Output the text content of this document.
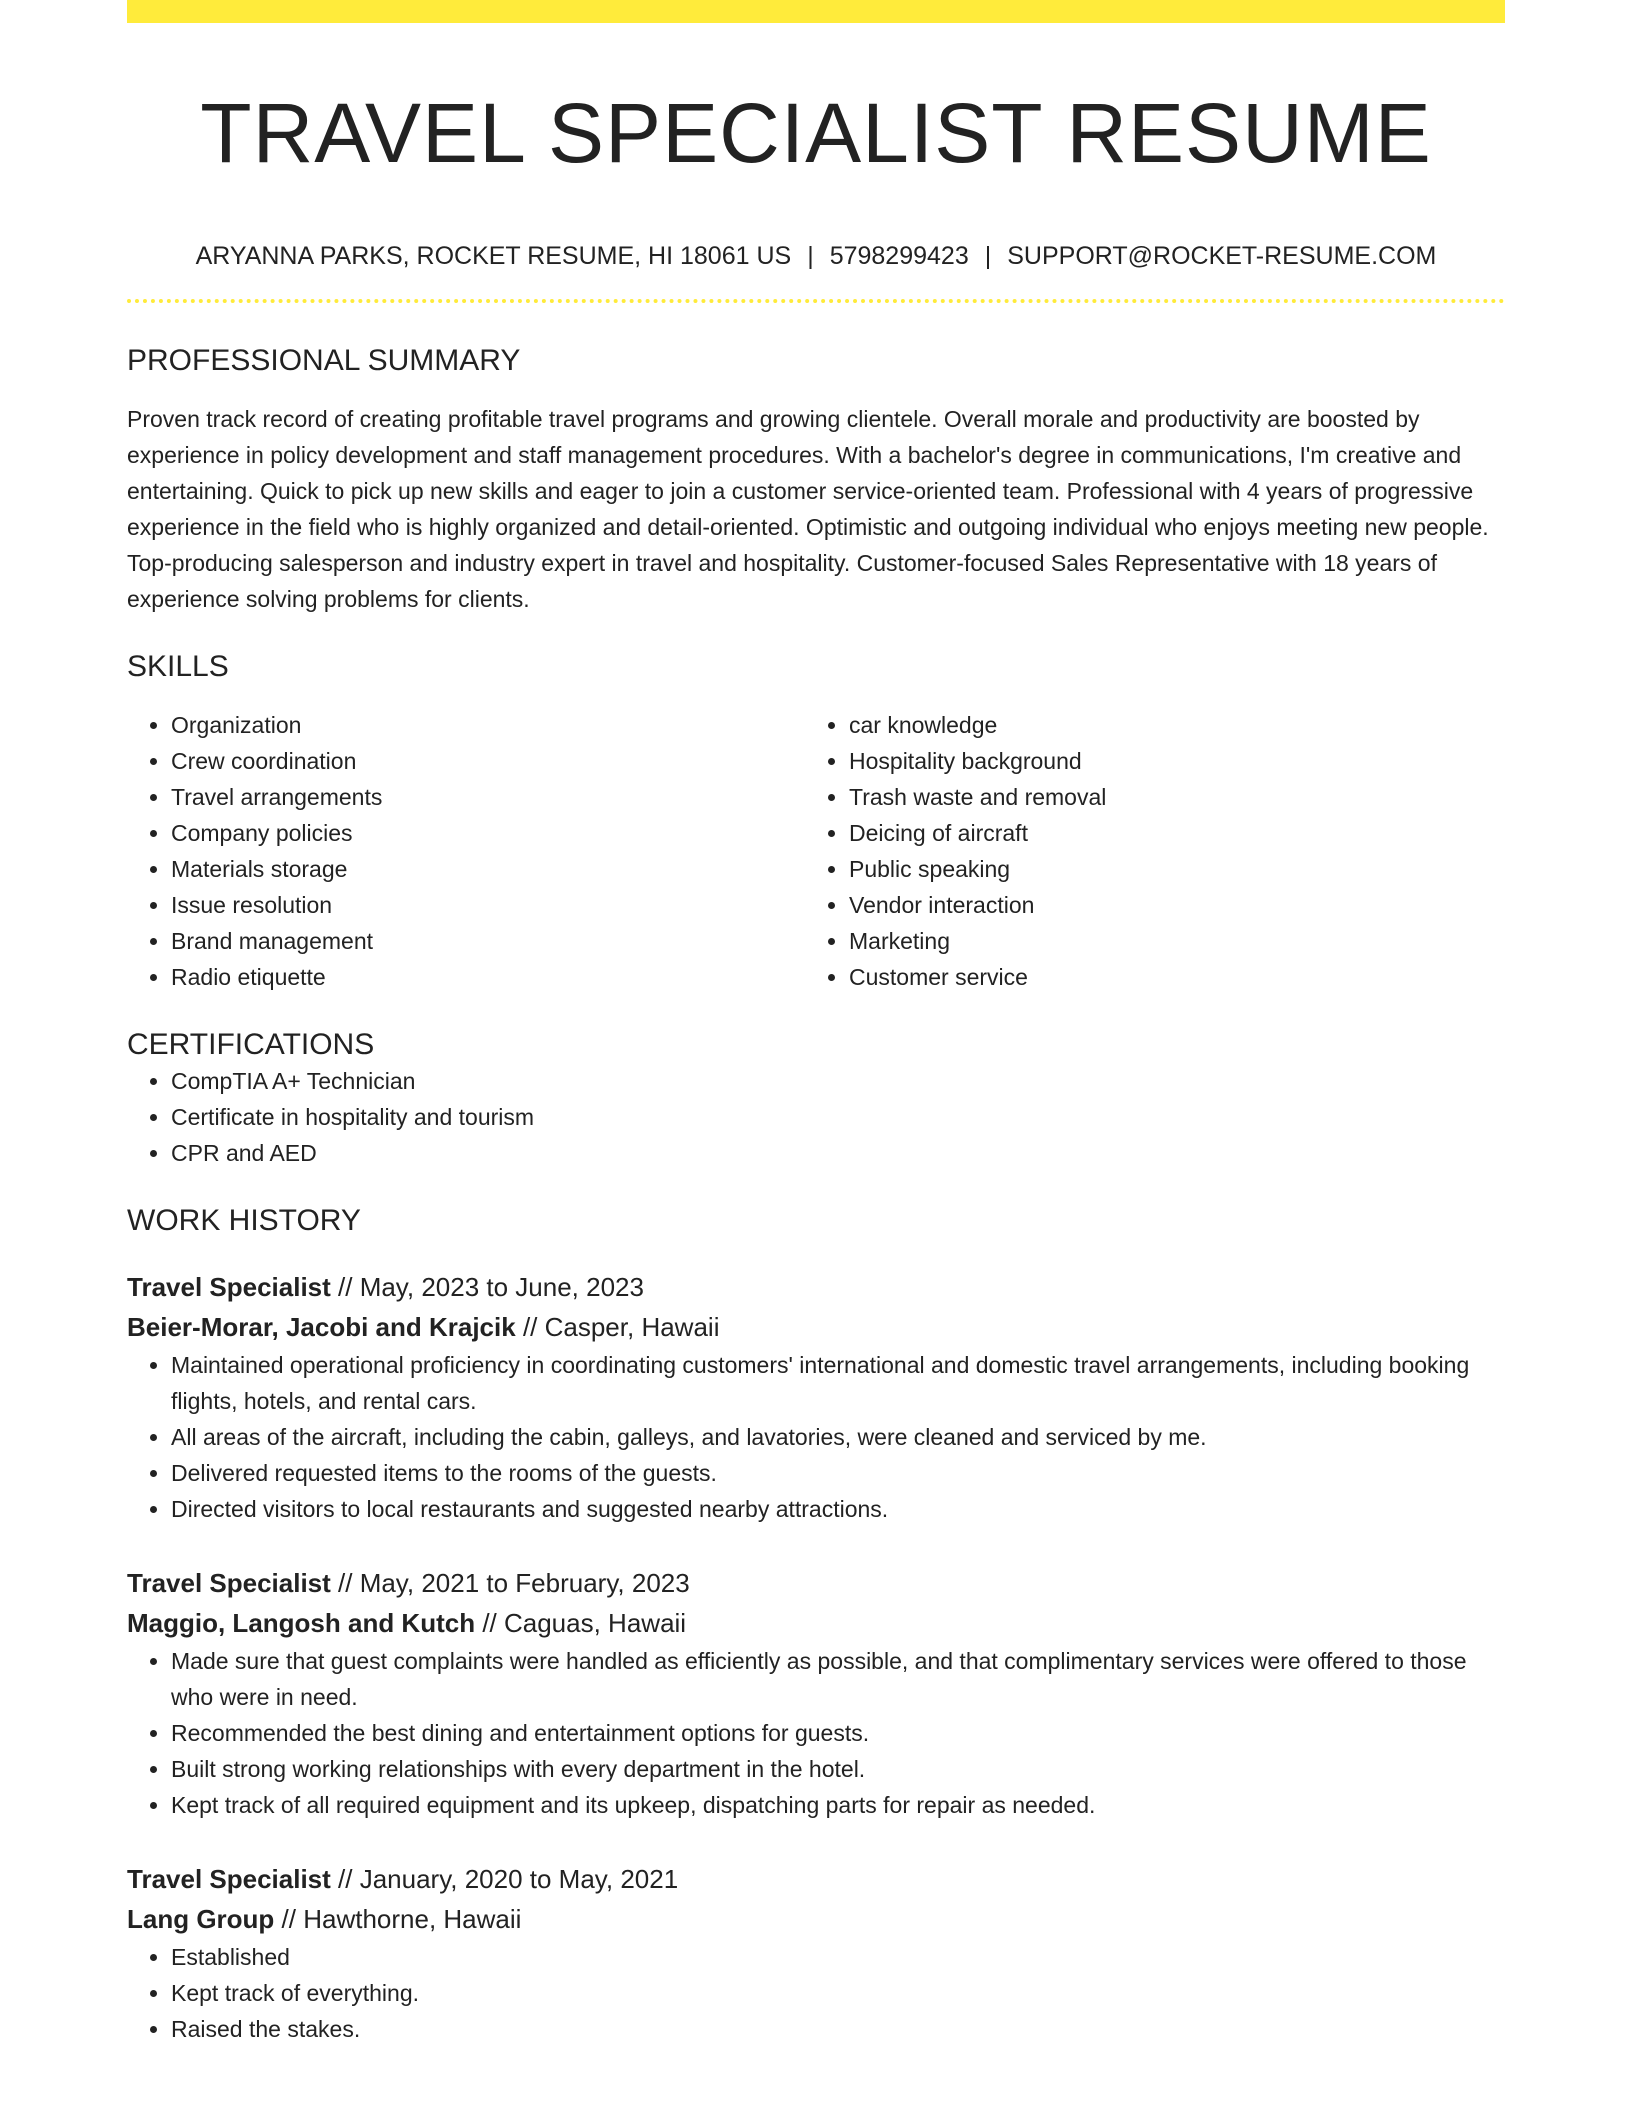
TRAVEL SPECIALIST RESUME
ARYANNA PARKS, ROCKET RESUME, HI 18061 US | 5798299423 | SUPPORT@ROCKET-RESUME.COM
PROFESSIONAL SUMMARY

Proven track record of creating profitable travel programs and growing clientele. Overall morale and productivity are boosted by experience in policy development and staff management procedures. With a bachelor's degree in communications, I'm creative and entertaining. Quick to pick up new skills and eager to join a customer service-oriented team. Professional with 4 years of progressive experience in the field who is highly organized and detail-oriented. Optimistic and outgoing individual who enjoys meeting new people. Top-producing salesperson and industry expert in travel and hospitality. Customer-focused Sales Representative with 18 years of experience solving problems for clients.

SKILLS
• Organization
• Crew coordination
• Travel arrangements
• Company policies
• Materials storage
• Issue resolution
• Brand management
• Radio etiquette
• car knowledge
• Hospitality background
• Trash waste and removal
• Deicing of aircraft
• Public speaking
• Vendor interaction
• Marketing
• Customer service
CERTIFICATIONS
• CompTIA A+ Technician
• Certificate in hospitality and tourism
• CPR and AED
WORK HISTORY
Travel Specialist // May, 2023 to June, 2023
Beier-Morar, Jacobi and Krajcik // Casper, Hawaii
• Maintained operational proficiency in coordinating customers' international and domestic travel arrangements, including booking flights, hotels, and rental cars.
• All areas of the aircraft, including the cabin, galleys, and lavatories, were cleaned and serviced by me.
• Delivered requested items to the rooms of the guests.
• Directed visitors to local restaurants and suggested nearby attractions.
Travel Specialist // May, 2021 to February, 2023
Maggio, Langosh and Kutch // Caguas, Hawaii
• Made sure that guest complaints were handled as efficiently as possible, and that complimentary services were offered to those who were in need.
• Recommended the best dining and entertainment options for guests.
• Built strong working relationships with every department in the hotel.
• Kept track of all required equipment and its upkeep, dispatching parts for repair as needed.
Travel Specialist // January, 2020 to May, 2021
Lang Group // Hawthorne, Hawaii
• Established
• Kept track of everything.
• Raised the stakes.
